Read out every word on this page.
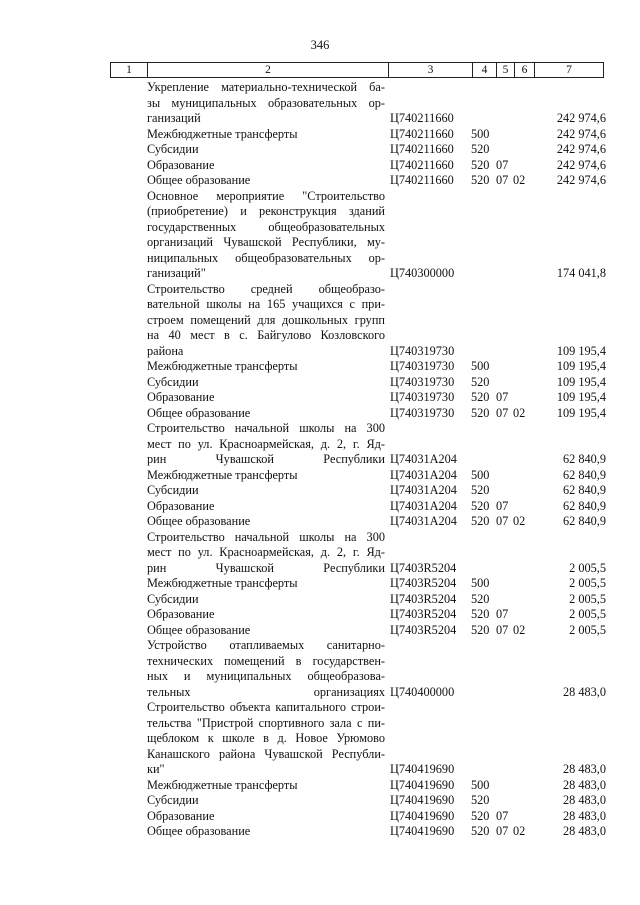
346
1	2	3	4	5	6	7
Укрепление материально-технической ба-
зы муниципальных образовательных ор-
ганизаций	Ц740211660	242 974,6
Межбюджетные трансферты	Ц740211660 500	242 974,6
Субсидии	Ц740211660 520	242 974,6
Образование	Ц740211660 520 07	242 974,6
Общее образование	Ц740211660 520 07 02	242 974,6
Основное мероприятие "Строительство
(приобретение) и реконструкция зданий
государственных общеобразовательных
организаций Чувашской Республики, му-
ниципальных общеобразовательных ор-
ганизаций"	Ц740300000	174 041,8
Строительство средней общеобразо-
вательной школы на 165 учащихся с при-
строем помещений для дошкольных групп
на 40 мест в с. Байгулово Козловского
района	Ц740319730	109 195,4
Межбюджетные трансферты	Ц740319730 500	109 195,4
Субсидии	Ц740319730 520	109 195,4
Образование	Ц740319730 520 07	109 195,4
Общее образование	Ц740319730 520 07 02	109 195,4
Строительство начальной школы на 300
мест по ул. Красноармейская, д. 2, г. Яд-
рин Чувашской Республики Ц74031А204	62 840,9
Межбюджетные трансферты	Ц74031А204 500	62 840,9
Субсидии	Ц74031А204 520	62 840,9
Образование	Ц74031А204 520 07	62 840,9
Общее образование	Ц74031А204 520 07 02	62 840,9
Строительство начальной школы на 300
мест по ул. Красноармейская, д. 2, г. Яд-
рин Чувашской Республики Ц7403R5204	2 005,5
Межбюджетные трансферты	Ц7403R5204 500	2 005,5
Субсидии	Ц7403R5204 520	2 005,5
Образование	Ц7403R5204 520 07	2 005,5
Общее образование	Ц7403R5204 520 07 02	2 005,5
Устройство отапливаемых санитарно-
технических помещений в государствен-
ных и муниципальных общеобразова-
тельных организациях Ц740400000	28 483,0
Строительство объекта капитального строи-
тельства "Пристрой спортивного зала с пи-
щеблоком к школе в д. Новое Урюмово
Канашского района Чувашской Республи-
ки"	Ц740419690	28 483,0
Межбюджетные трансферты	Ц740419690 500	28 483,0
Субсидии	Ц740419690 520	28 483,0
Образование	Ц740419690 520 07	28 483,0
Общее образование	Ц740419690 520 07 02	28 483,0
